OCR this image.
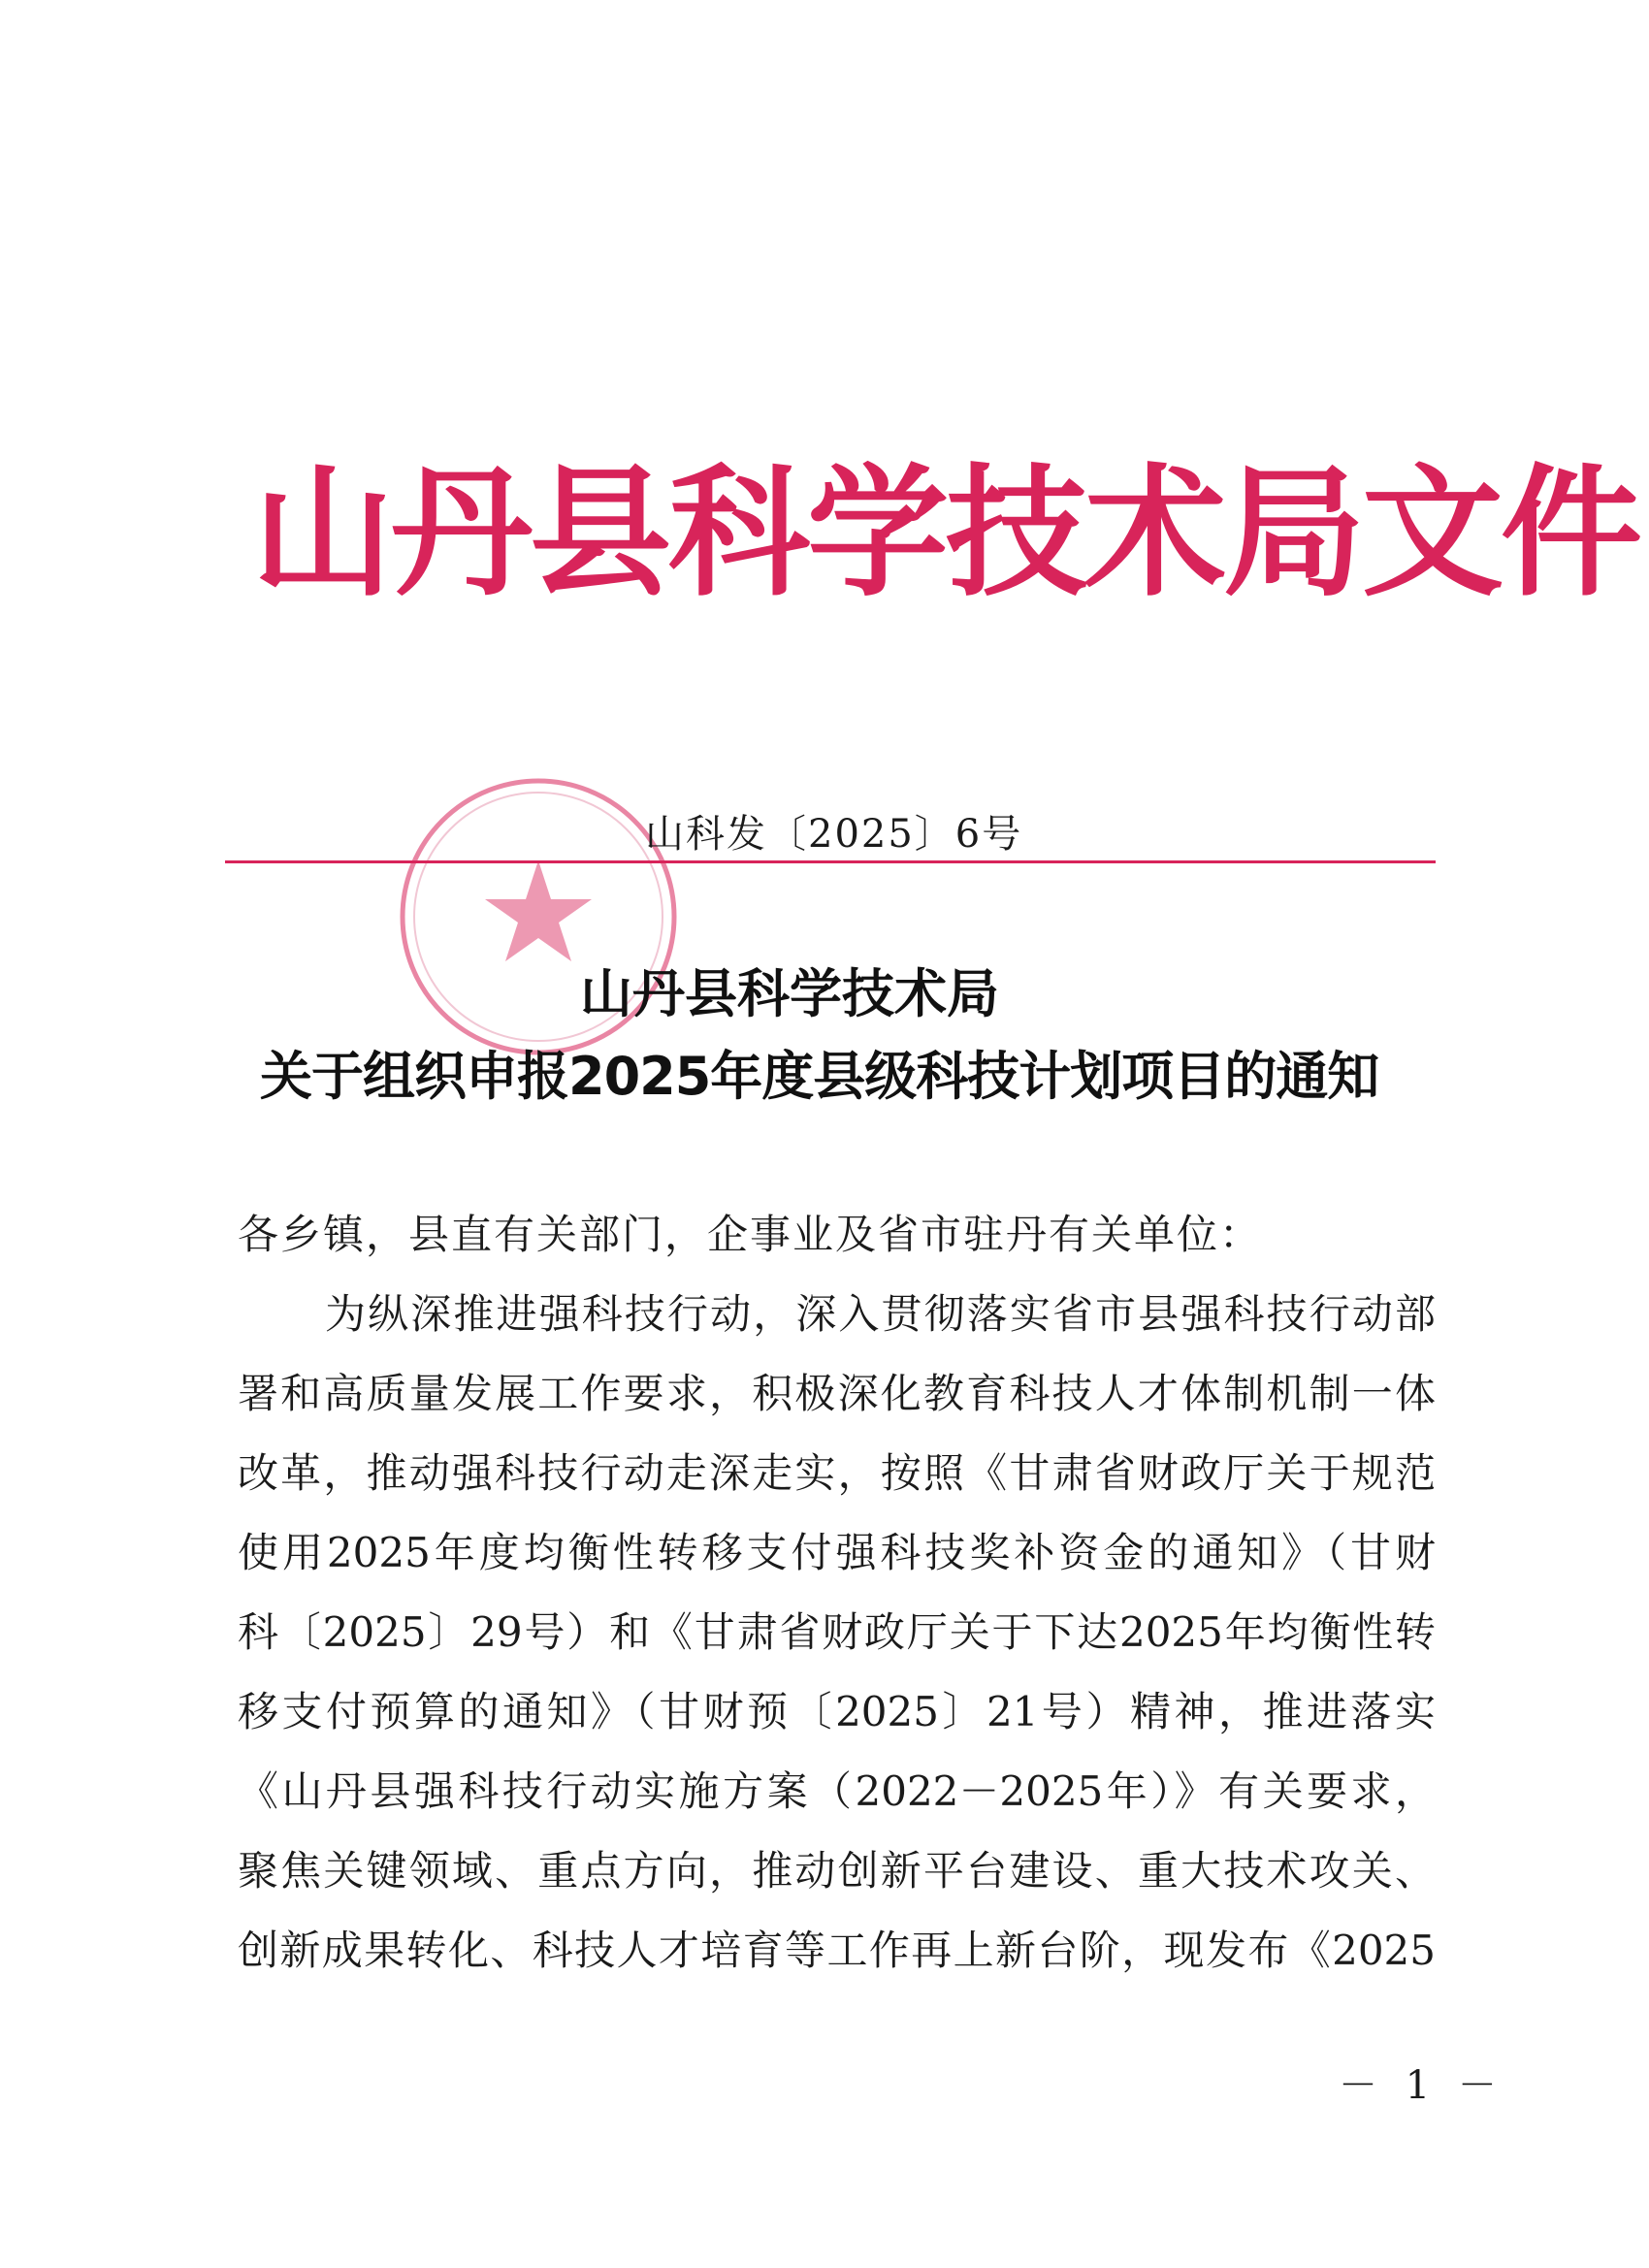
山丹县科学技术局文件
山科发〔2025〕6号
山丹县科学技术局
关于组织申报2025年度县级科技计划项目的通知
各乡镇，县直有关部门，企事业及省市驻丹有关单位：
为纵深推进强科技行动，深入贯彻落实省市县强科技行动部
署和高质量发展工作要求，积极深化教育科技人才体制机制一体
改革，推动强科技行动走深走实，按照《甘肃省财政厅关于规范
使用2025年度均衡性转移支付强科技奖补资金的通知》（甘财
科〔2025〕29号）和《甘肃省财政厅关于下达2025年均衡性转
移支付预算的通知》（甘财预〔2025〕21号）精神，推进落实
《山丹县强科技行动实施方案（2022－2025年）》有关要求，
聚焦关键领域、重点方向，推动创新平台建设、重大技术攻关、
创新成果转化、科技人才培育等工作再上新台阶，现发布《2025
－ 1 －
